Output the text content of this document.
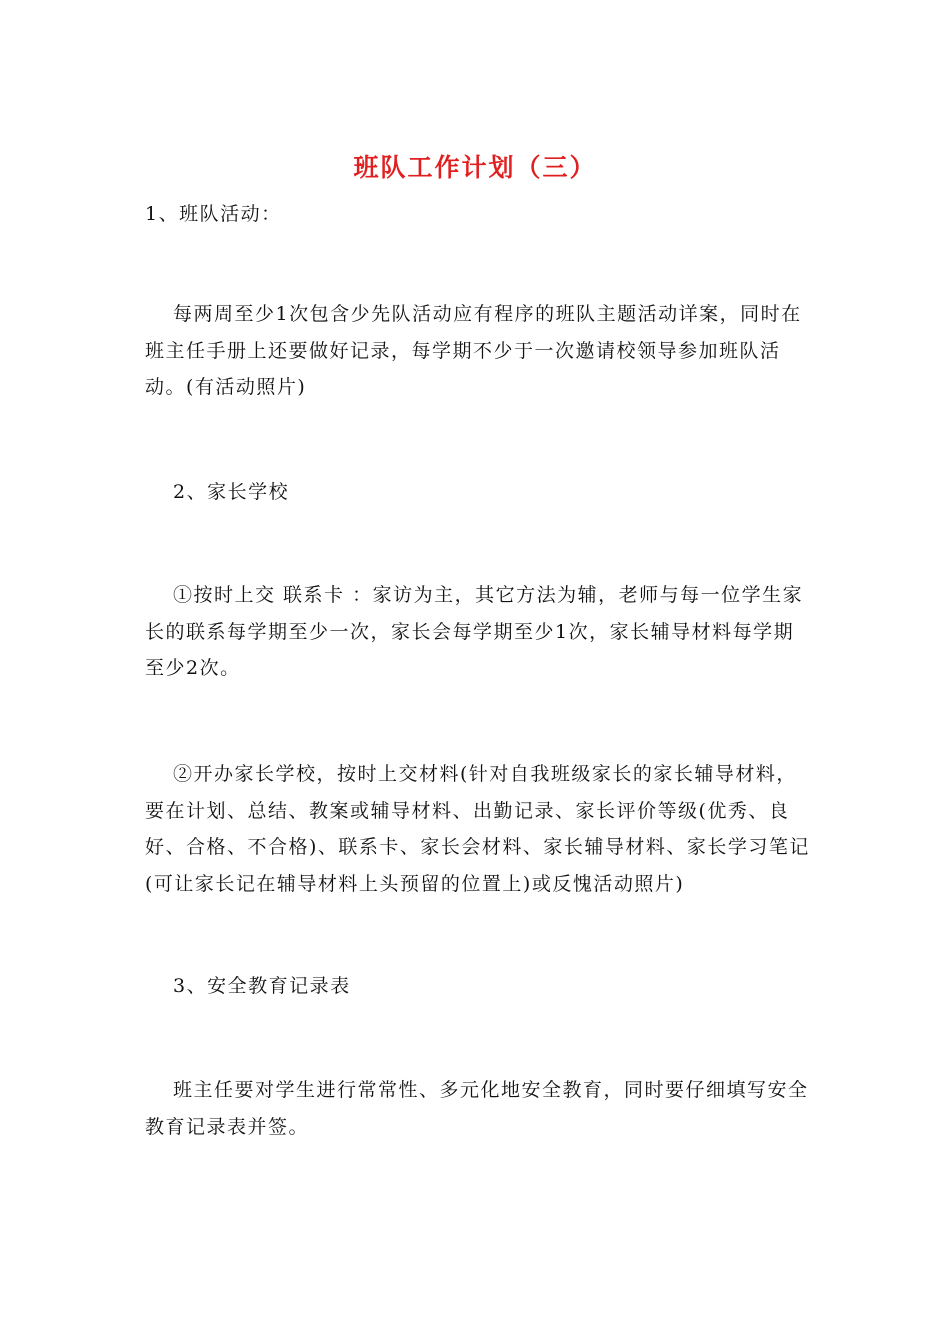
班队工作计划（三）

1、班队活动：

每两周至少1次包含少先队活动应有程序的班队主题活动详案，同时在班主任手册上还要做好记录，每学期不少于一次邀请校领导参加班队活动。(有活动照片)

2、家长学校

①按时上交 联系卡 ：家访为主，其它方法为辅，老师与每一位学生家长的联系每学期至少一次，家长会每学期至少1次，家长辅导材料每学期至少2次。

②开办家长学校，按时上交材料(针对自我班级家长的家长辅导材料，要在计划、总结、教案或辅导材料、出勤记录、家长评价等级(优秀、良好、合格、不合格)、联系卡、家长会材料、家长辅导材料、家长学习笔记(可让家长记在辅导材料上头预留的位置上)或反愧活动照片)

3、安全教育记录表

班主任要对学生进行常常性、多元化地安全教育，同时要仔细填写安全教育记录表并签。
